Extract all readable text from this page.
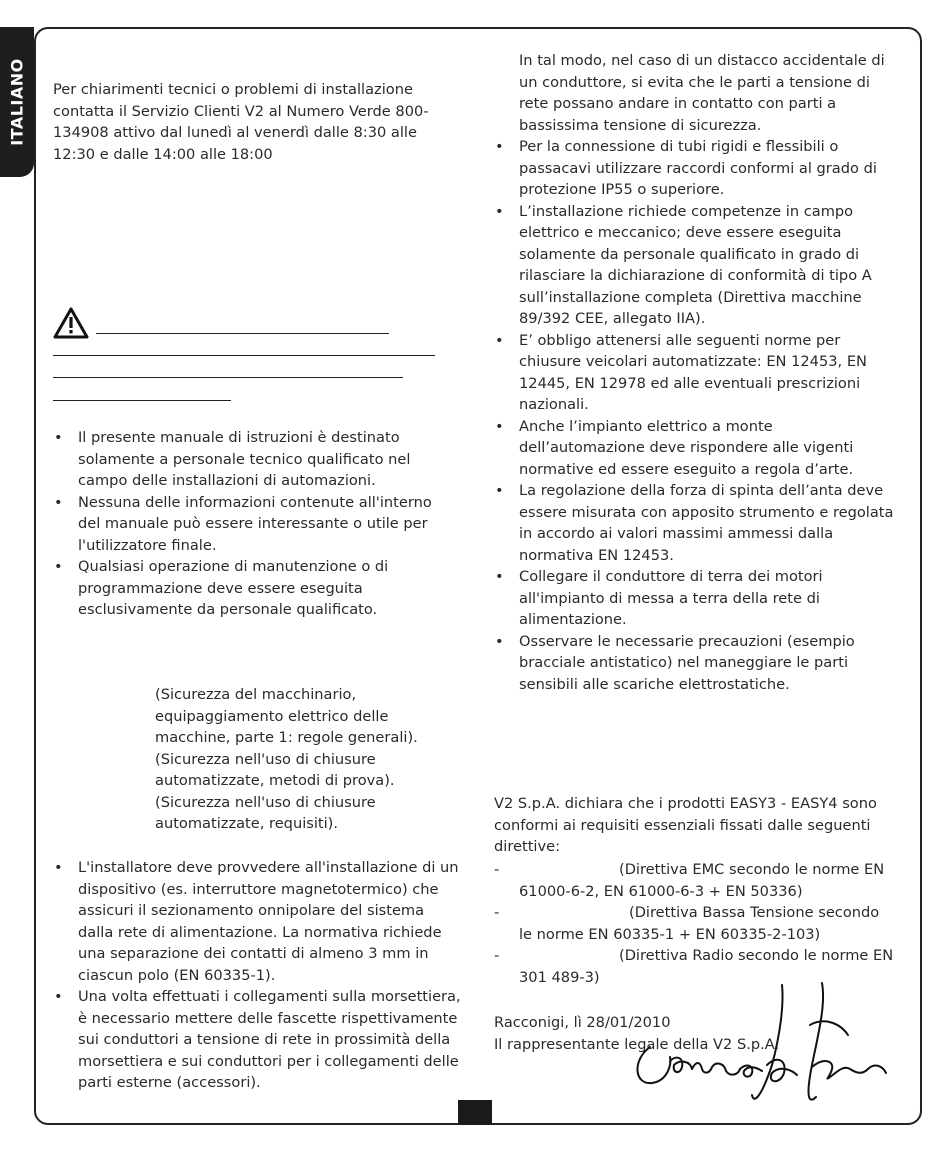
ITALIANO Per chiarimenti tecnici o problemi di installazione contatta il Servizio Clienti V2 al Numero Verde 800-134908 attivo dal lunedì al venerdì dalle 8:30 alle 12:30 e dalle 14:00 alle 18:00

• Il presente manuale di istruzioni è destinato solamente a personale tecnico qualificato nel campo delle installazioni di automazioni.
• Nessuna delle informazioni contenute all'interno del manuale può essere interessante o utile per l'utilizzatore finale.
• Qualsiasi operazione di manutenzione o di programmazione deve essere eseguita esclusivamente da personale qualificato.
(Sicurezza del macchinario, equipaggiamento elettrico delle macchine, parte 1: regole generali).
(Sicurezza nell'uso di chiusure automatizzate, metodi di prova).
(Sicurezza nell'uso di chiusure automatizzate, requisiti).
• L'installatore deve provvedere all'installazione di un dispositivo (es. interruttore magnetotermico) che assicuri il sezionamento onnipolare del sistema dalla rete di alimentazione. La normativa richiede una separazione dei contatti di almeno 3 mm in ciascun polo (EN 60335-1).
• Una volta effettuati i collegamenti sulla morsettiera, è necessario mettere delle fascette rispettivamente sui conduttori a tensione di rete in prossimità della morsettiera e sui conduttori per i collegamenti delle parti esterne (accessori).

In tal modo, nel caso di un distacco accidentale di un conduttore, si evita che le parti a tensione di rete possano andare in contatto con parti a bassissima tensione di sicurezza.

• Per la connessione di tubi rigidi e flessibili o passacavi utilizzare raccordi conformi al grado di protezione IP55 o superiore.
• L’installazione richiede competenze in campo elettrico e meccanico; deve essere eseguita solamente da personale qualificato in grado di rilasciare la dichiarazione di conformità di tipo A sull’installazione completa (Direttiva macchine 89/392 CEE, allegato IIA).
• E’ obbligo attenersi alle seguenti norme per chiusure veicolari automatizzate: EN 12453, EN 12445, EN 12978 ed alle eventuali prescrizioni nazionali.
• Anche l’impianto elettrico a monte dell’automazione deve rispondere alle vigenti normative ed essere eseguito a regola d’arte.
• La regolazione della forza di spinta dell’anta deve essere misurata con apposito strumento e regolata in accordo ai valori massimi ammessi dalla normativa EN 12453.
• Collegare il conduttore di terra dei motori all'impianto di messa a terra della rete di alimentazione.
• Osservare le necessarie precauzioni (esempio bracciale antistatico) nel maneggiare le parti sensibili alle scariche elettrostatiche.

V2 S.p.A. dichiara che i prodotti EASY3 - EASY4 sono conformi ai requisiti essenziali fissati dalle seguenti direttive:

-	(Direttiva EMC secondo le norme EN 61000-6-2, EN 61000-6-3 + EN 50336)
-	(Direttiva Bassa Tensione secondo le norme EN 60335-1 + EN 60335-2-103)
-	(Direttiva Radio secondo le norme EN 301 489-3)
Racconigi, lì 28/01/2010
Il rappresentante legale della V2 S.p.A.
